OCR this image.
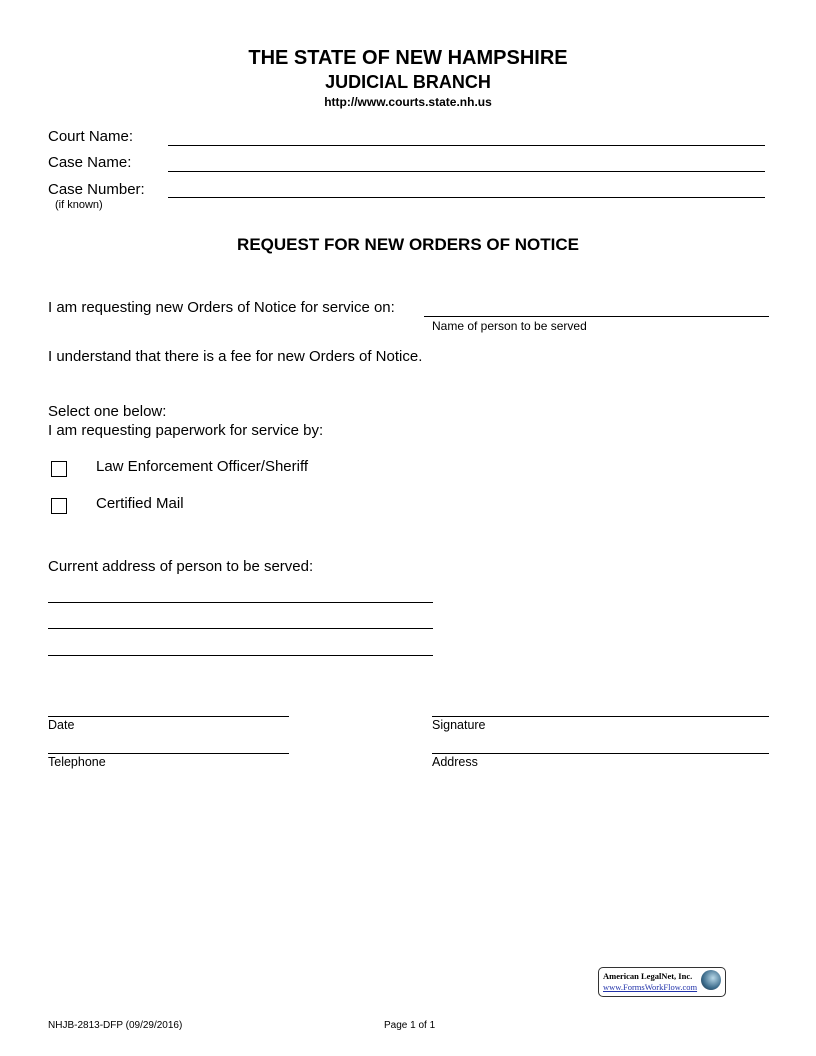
THE STATE OF NEW HAMPSHIRE
JUDICIAL BRANCH
http://www.courts.state.nh.us
Court Name:
Case Name:
Case Number:
(if known)
REQUEST FOR NEW ORDERS OF NOTICE
I am requesting new Orders of Notice for service on:
Name of person to be served
I understand that there is a fee for new Orders of Notice.
Select one below:
I am requesting paperwork for service by:
Law Enforcement Officer/Sheriff
Certified Mail
Current address of person to be served:
Date	Signature
Telephone	Address
American LegalNet, Inc.
www.FormsWorkFlow.com
NHJB-2813-DFP (09/29/2016)	Page 1 of 1
